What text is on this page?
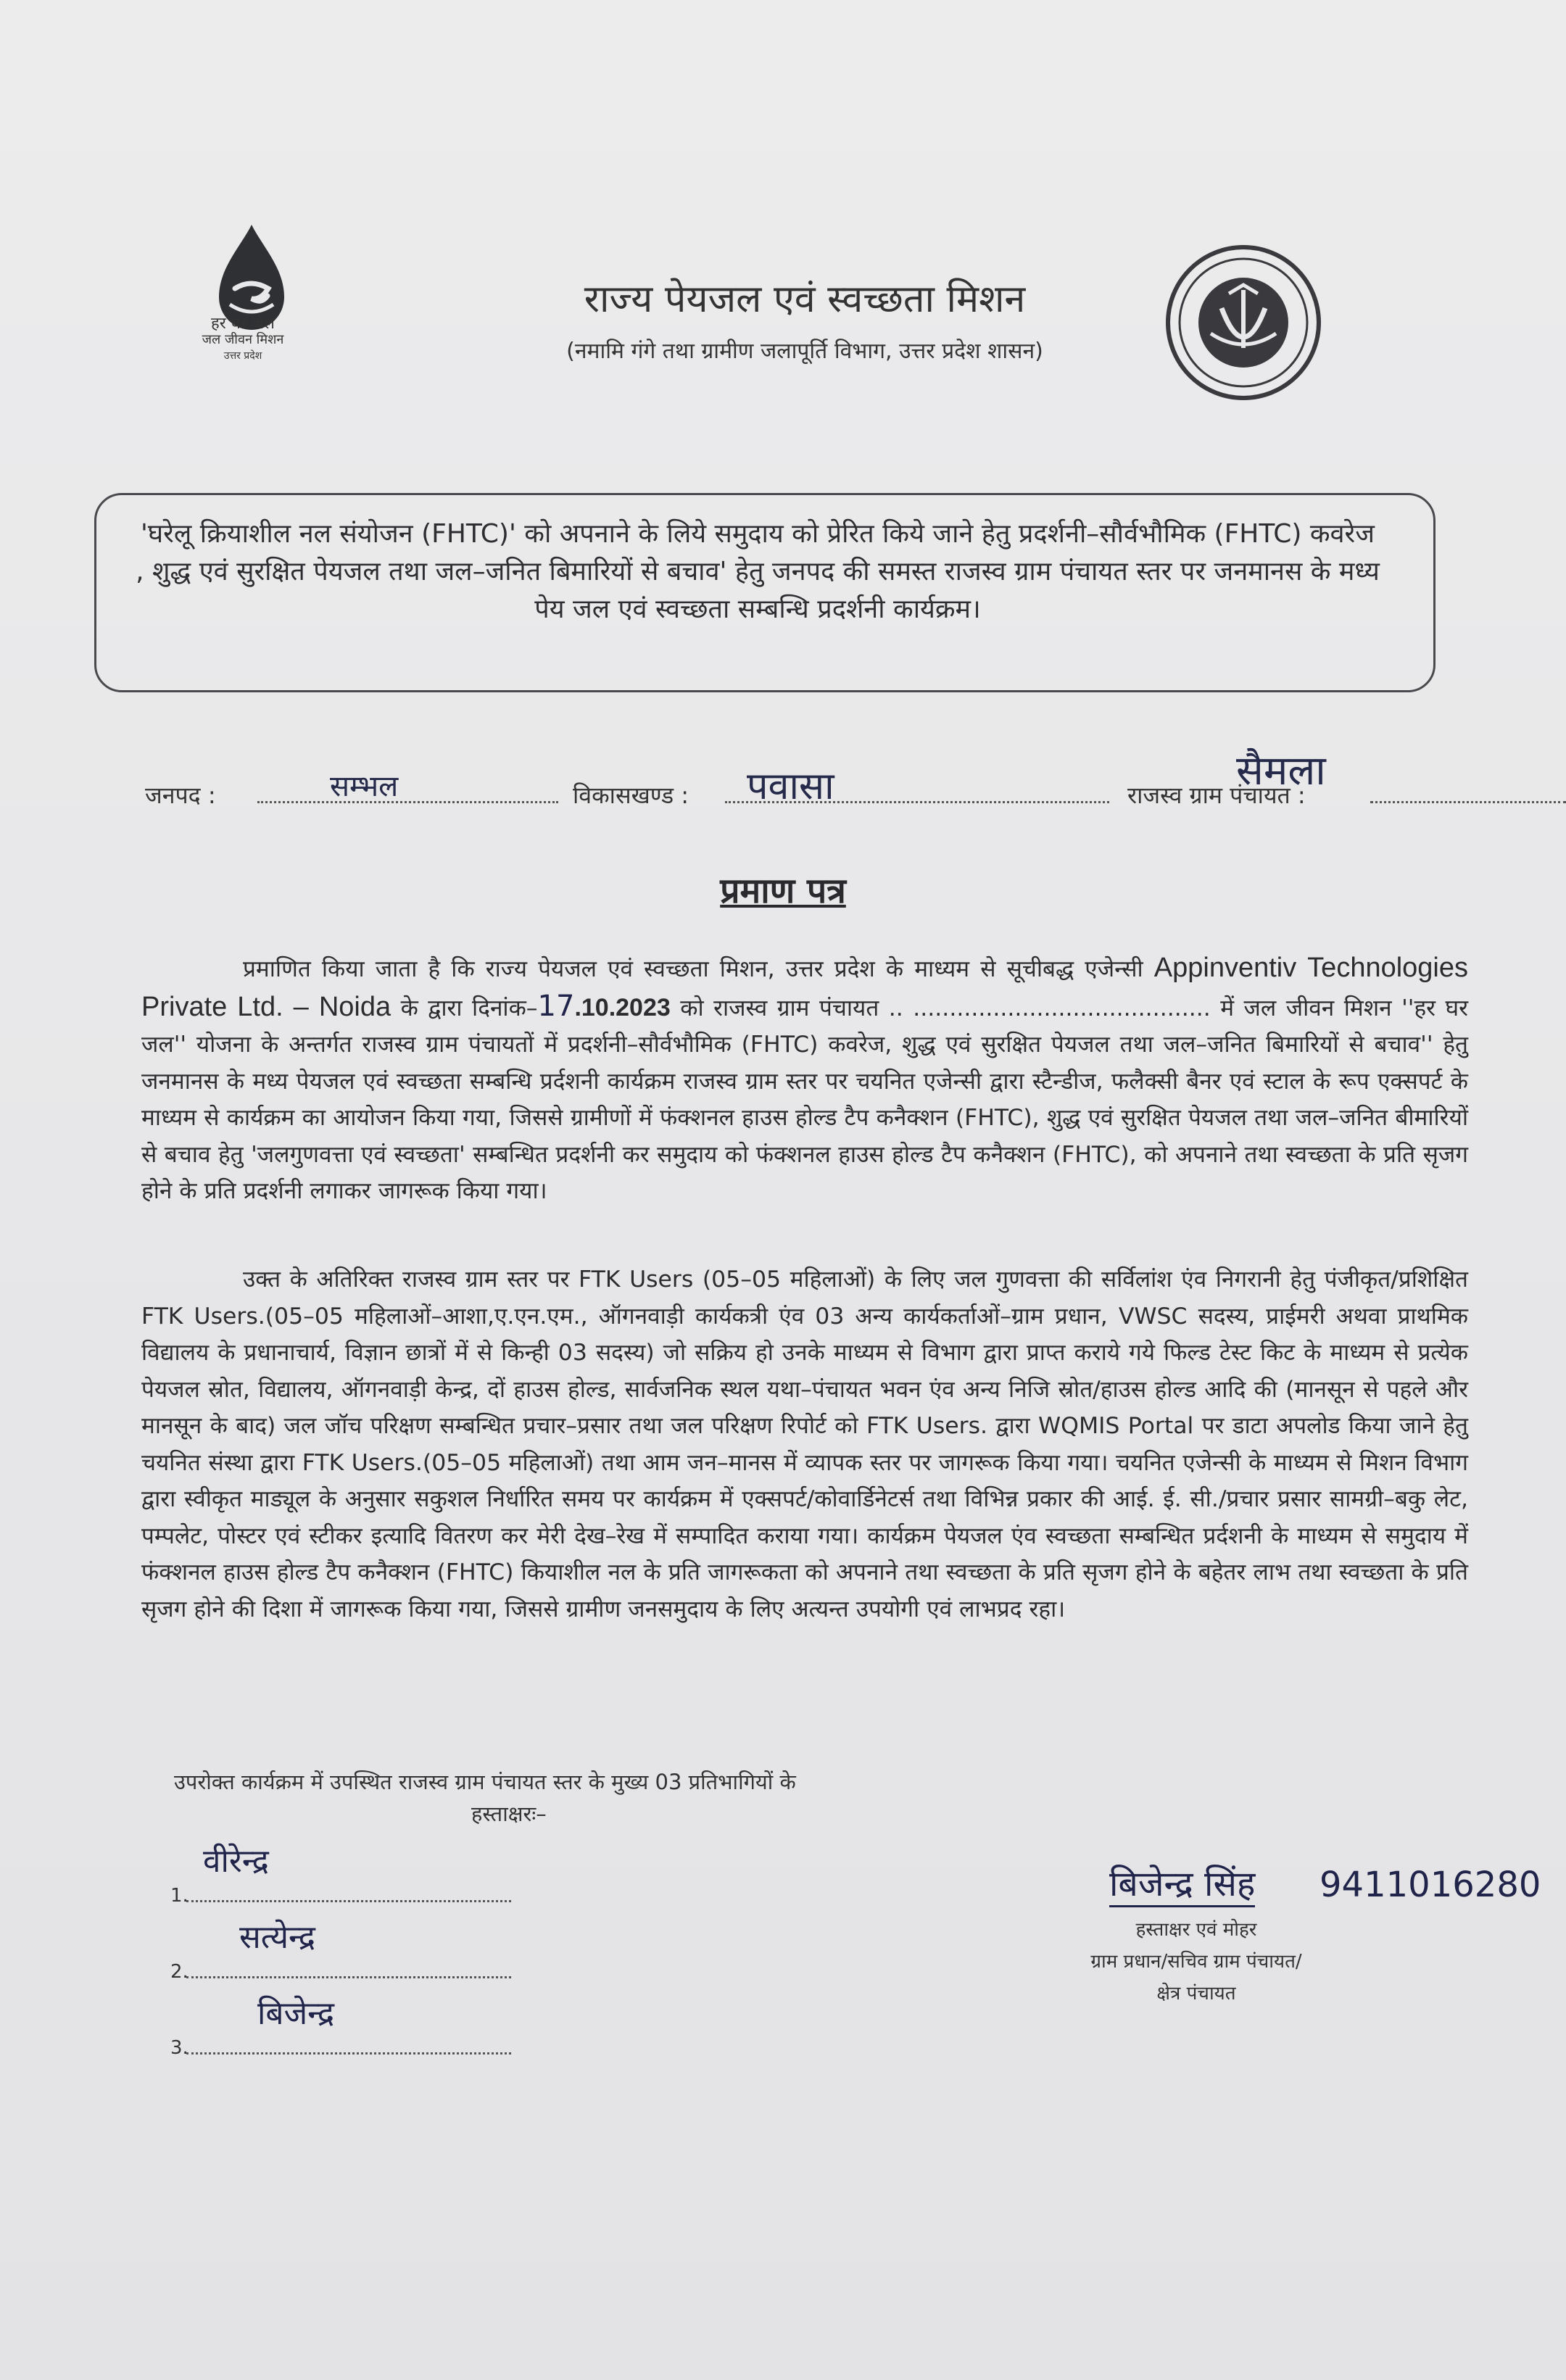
हर घर जल
जल जीवन मिशन
उत्तर प्रदेश
राज्य पेयजल एवं स्वच्छता मिशन
(नमामि गंगे तथा ग्रामीण जलापूर्ति विभाग, उत्तर प्रदेश शासन)
'घरेलू क्रियाशील नल संयोजन (FHTC)' को अपनाने के लिये समुदाय को प्रेरित किये जाने हेतु प्रदर्शनी–सौर्वभौमिक (FHTC) कवरेज , शुद्ध एवं सुरक्षित पेयजल तथा जल–जनित बिमारियों से बचाव' हेतु जनपद की समस्त राजस्व ग्राम पंचायत स्तर पर जनमानस के मध्य पेय जल एवं स्वच्छता सम्बन्धि प्रदर्शनी कार्यक्रम।
जनपद :	सम्भल	विकासखण्ड : पवासा	राजस्व ग्राम पंचायत :
सैमला
प्रमाण पत्र
प्रमाणित किया जाता है कि राज्य पेयजल एवं स्वच्छता मिशन, उत्तर प्रदेश के माध्यम से सूचीबद्ध एजेन्सी Appinventiv Technologies Private Ltd. – Noida के द्वारा दिनांक–17.10.2023 को राजस्व ग्राम पंचायत .. ......................................... में जल जीवन मिशन ''हर घर जल'' योजना के अन्तर्गत राजस्व ग्राम पंचायतों में प्रदर्शनी–सौर्वभौमिक (FHTC) कवरेज, शुद्ध एवं सुरक्षित पेयजल तथा जल–जनित बिमारियों से बचाव'' हेतु जनमानस के मध्य पेयजल एवं स्वच्छता सम्बन्धि प्रर्दशनी कार्यक्रम राजस्व ग्राम स्तर पर चयनित एजेन्सी द्वारा स्टैन्डीज, फलैक्सी बैनर एवं स्टाल के रूप एक्सपर्ट के माध्यम से कार्यक्रम का आयोजन किया गया, जिससे ग्रामीणों में फंक्शनल हाउस होल्ड टैप कनैक्शन (FHTC), शुद्ध एवं सुरक्षित पेयजल तथा जल–जनित बीमारियों से बचाव हेतु 'जलगुणवत्ता एवं स्वच्छता' सम्बन्धित प्रदर्शनी कर समुदाय को फंक्शनल हाउस होल्ड टैप कनैक्शन (FHTC), को अपनाने तथा स्वच्छता के प्रति सृजग होने के प्रति प्रदर्शनी लगाकर जागरूक किया गया।
उक्त के अतिरिक्त राजस्व ग्राम स्तर पर FTK Users (05–05 महिलाओं) के लिए जल गुणवत्ता की सर्विलांश एंव निगरानी हेतु पंजीकृत/प्रशिक्षित FTK Users.(05–05 महिलाओं–आशा,ए.एन.एम., ऑगनवाड़ी कार्यकत्री एंव 03 अन्य कार्यकर्ताओं–ग्राम प्रधान, VWSC सदस्य, प्राईमरी अथवा प्राथमिक विद्यालय के प्रधानाचार्य, विज्ञान छात्रों में से किन्ही 03 सदस्य) जो सक्रिय हो उनके माध्यम से विभाग द्वारा प्राप्त कराये गये फिल्ड टेस्ट किट के माध्यम से प्रत्येक पेयजल स्रोत, विद्यालय, ऑगनवाड़ी केन्द्र, दों हाउस होल्ड, सार्वजनिक स्थल यथा–पंचायत भवन एंव अन्य निजि स्रोत/हाउस होल्ड आदि की (मानसून से पहले और मानसून के बाद) जल जॉच परिक्षण सम्बन्धित प्रचार–प्रसार तथा जल परिक्षण रिपोर्ट को FTK Users. द्वारा WQMIS Portal पर डाटा अपलोड किया जाने हेतु चयनित संस्था द्वारा FTK Users.(05–05 महिलाओं) तथा आम जन–मानस में व्यापक स्तर पर जागरूक किया गया। चयनित एजेन्सी के माध्यम से मिशन विभाग द्वारा स्वीकृत माड्यूल के अनुसार सकुशल निर्धारित समय पर कार्यक्रम में एक्सपर्ट/कोवार्डिनेटर्स तथा विभिन्न प्रकार की आई. ई. सी./प्रचार प्रसार सामग्री–बकु लेट, पम्पलेट, पोस्टर एवं स्टीकर इत्यादि वितरण कर मेरी देख–रेख में सम्पादित कराया गया। कार्यक्रम पेयजल एंव स्वच्छता सम्बन्धित प्रर्दशनी के माध्यम से समुदाय में फंक्शनल हाउस होल्ड टैप कनैक्शन (FHTC) कियाशील नल के प्रति जागरूकता को अपनाने तथा स्वच्छता के प्रति सृजग होने के बहेतर लाभ तथा स्वच्छता के प्रति सृजग होने की दिशा में जागरूक किया गया, जिससे ग्रामीण जनसमुदाय के लिए अत्यन्त उपयोगी एवं लाभप्रद रहा।
उपरोक्त कार्यक्रम में उपस्थित राजस्व ग्राम पंचायत स्तर के मुख्य 03 प्रतिभागियों के
हस्ताक्षरः–
1.
वीरेन्द्र
2.
सत्येन्द्र
3.
बिजेन्द्र
बिजेन्द्र सिंह 9411016280
हस्ताक्षर एवं मोहर
ग्राम प्रधान/सचिव ग्राम पंचायत/
क्षेत्र पंचायत
